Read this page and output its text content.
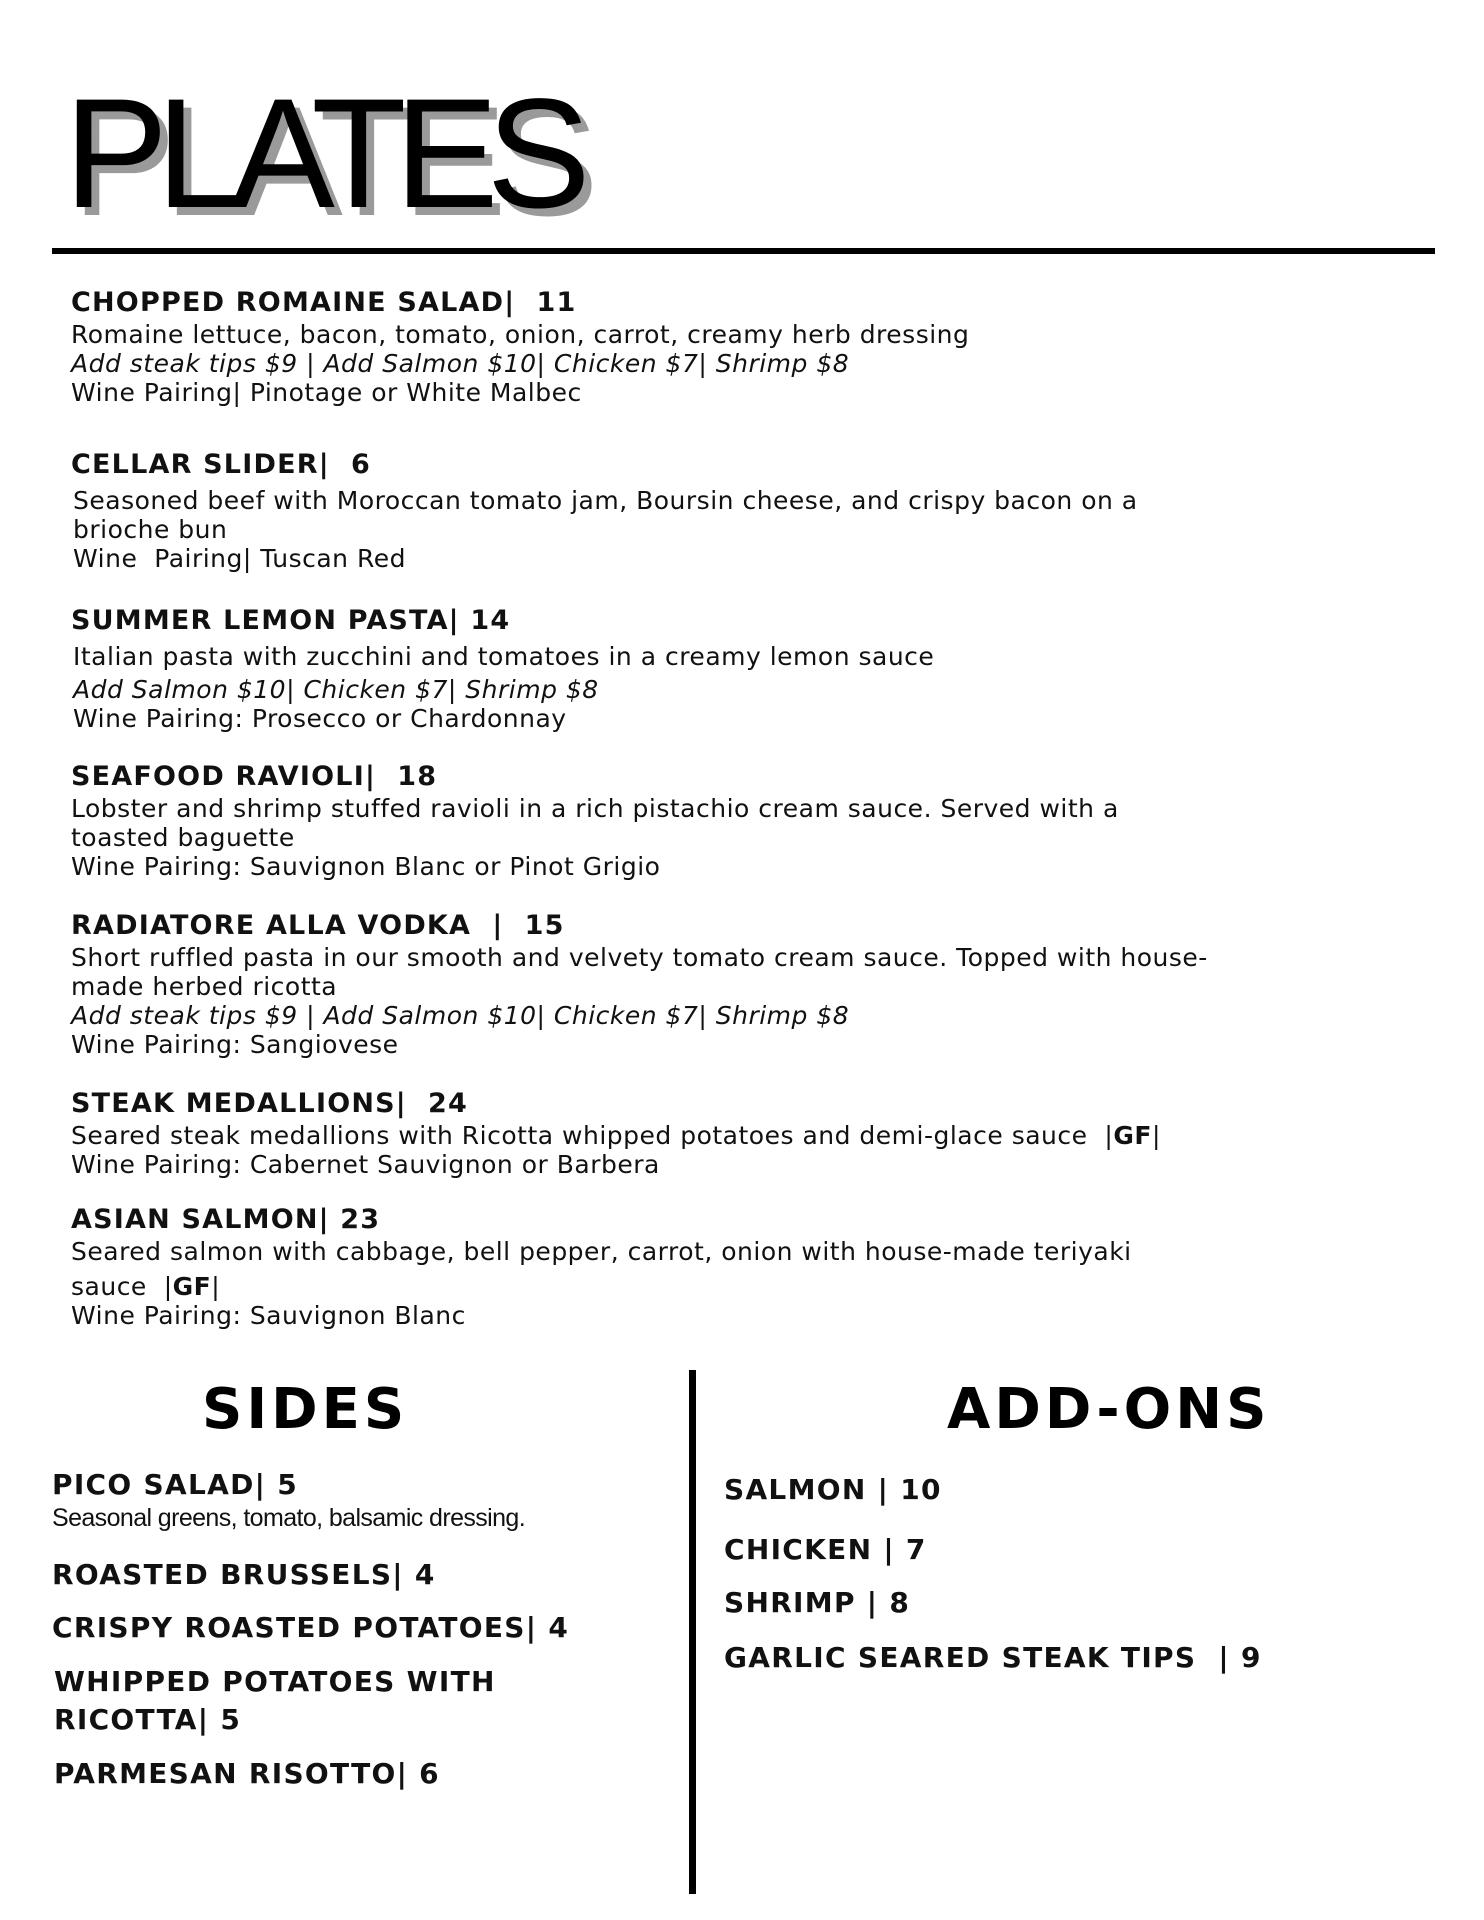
PLATES
CHOPPED ROMAINE SALAD|  11
Romaine lettuce, bacon, tomato, onion, carrot, creamy herb dressing
Add steak tips $9 | Add Salmon $10| Chicken $7| Shrimp $8
Wine Pairing| Pinotage or White Malbec
CELLAR SLIDER|  6
Seasoned beef with Moroccan tomato jam, Boursin cheese, and crispy bacon on a
brioche bun
Wine  Pairing| Tuscan Red
SUMMER LEMON PASTA| 14
Italian pasta with zucchini and tomatoes in a creamy lemon sauce
Add Salmon $10| Chicken $7| Shrimp $8
Wine Pairing: Prosecco or Chardonnay
SEAFOOD RAVIOLI|  18
Lobster and shrimp stuffed ravioli in a rich pistachio cream sauce. Served with a
toasted baguette
Wine Pairing: Sauvignon Blanc or Pinot Grigio
RADIATORE ALLA VODKA  |  15
Short ruffled pasta in our smooth and velvety tomato cream sauce. Topped with house-
made herbed ricotta
Add steak tips $9 | Add Salmon $10| Chicken $7| Shrimp $8
Wine Pairing: Sangiovese
STEAK MEDALLIONS|  24
Seared steak medallions with Ricotta whipped potatoes and demi-glace sauce  |GF|
Wine Pairing: Cabernet Sauvignon or Barbera
ASIAN SALMON| 23
Seared salmon with cabbage, bell pepper, carrot, onion with house-made teriyaki
sauce  |GF|
Wine Pairing: Sauvignon Blanc
SIDES
PICO SALAD| 5
Seasonal greens, tomato, balsamic dressing.
ROASTED BRUSSELS| 4
CRISPY ROASTED POTATOES| 4
WHIPPED POTATOES WITH
RICOTTA| 5
PARMESAN RISOTTO| 6
ADD-ONS
SALMON | 10
CHICKEN | 7
SHRIMP | 8
GARLIC SEARED STEAK TIPS  | 9
